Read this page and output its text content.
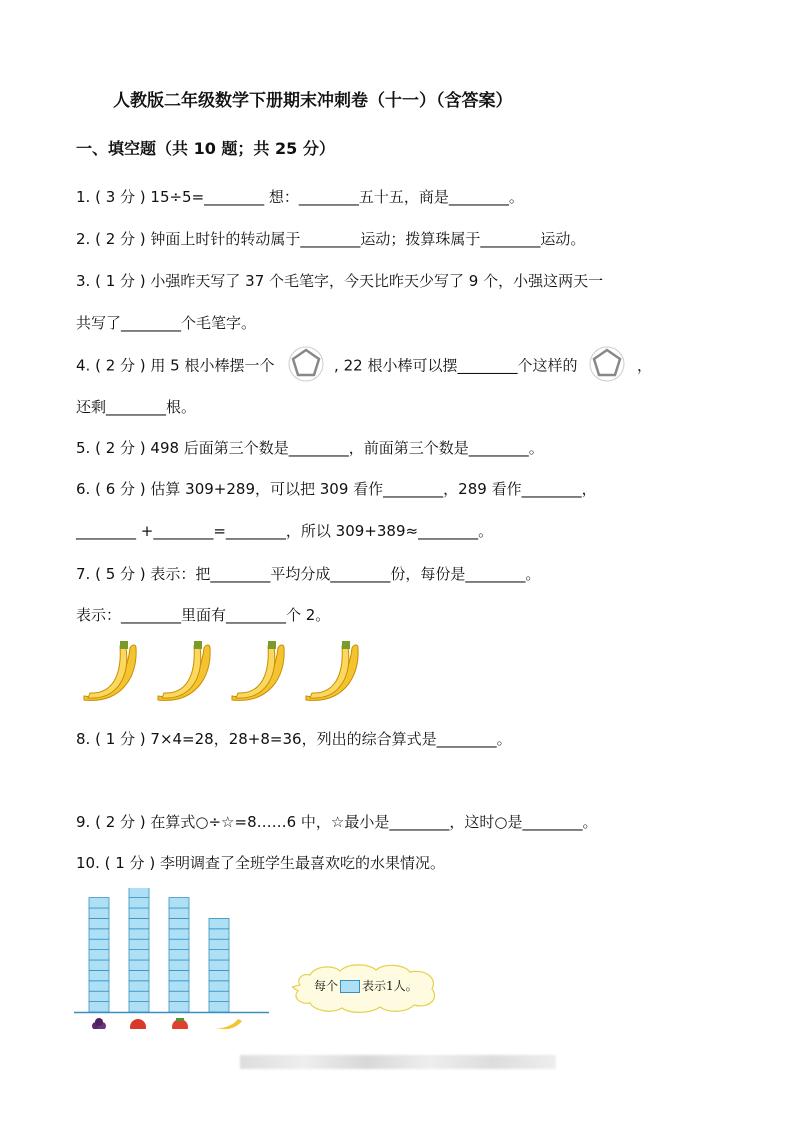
人教版二年级数学下册期末冲刺卷（十一）（含答案）
一、填空题（共 10 题；共 25 分）
1. ( 3 分 ) 15÷5=________ 想：________五十五，商是________。
2. ( 2 分 ) 钟面上时针的转动属于________运动；拨算珠属于________运动。
3. ( 1 分 ) 小强昨天写了 37 个毛笔字，今天比昨天少写了 9 个，小强这两天一
共写了________个毛笔字。
4. ( 2 分 ) 用 5 根小棒摆一个	, 22 根小棒可以摆________个这样的	，
还剩________根。
5. ( 2 分 ) 498 后面第三个数是________，前面第三个数是________。
6. ( 6 分 ) 估算 309+289，可以把 309 看作________，289 看作________，
________ +________=________，所以 309+389≈________。
7. ( 5 分 ) 表示：把________平均分成________份，每份是________。
表示：________里面有________个 2。
8. ( 1 分 ) 7×4=28，28+8=36，列出的综合算式是________。
9. ( 2 分 ) 在算式○÷☆=8……6 中，☆最小是________，这时○是________。
10. ( 1 分 ) 李明调查了全班学生最喜欢吃的水果情况。
每个 表示1人。
